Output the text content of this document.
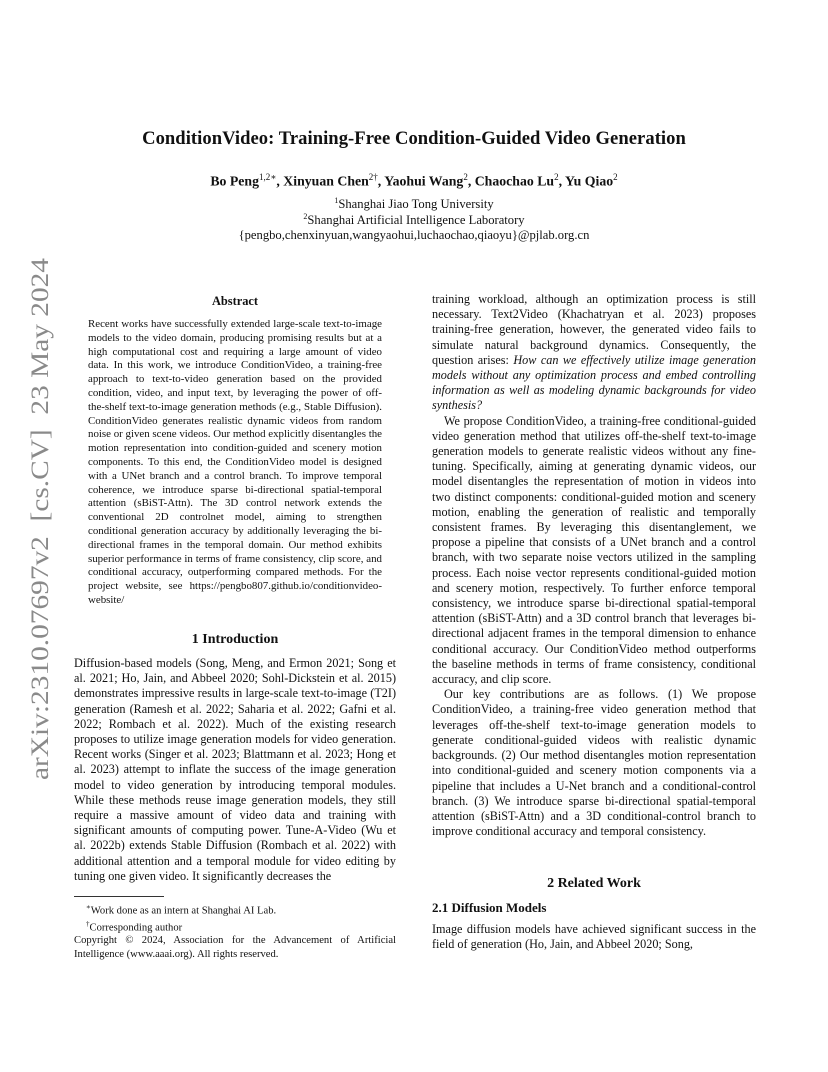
arXiv:2310.07697v2  [cs.CV]  23 May 2024
ConditionVideo: Training-Free Condition-Guided Video Generation
Bo Peng$^{1,2∗}$, Xinyuan Chen$^{2\dagger}$, Yaohui Wang$^2$, Chaochao Lu$^2$, Yu Qiao$^2$
$^1$Shanghai Jiao Tong University
$^2$Shanghai Artificial Intelligence Laboratory
{pengbo,chenxinyuan,wangyaohui,luchaochao,qiaoyu}@pjlab.org.cn
Abstract
Recent works have successfully extended large-scale text-to-image models to the video domain, producing promising results but at a high computational cost and requiring a large amount of video data. In this work, we introduce ConditionVideo, a training-free approach to text-to-video generation based on the provided condition, video, and input text, by leveraging the power of off-the-shelf text-to-image generation methods (e.g., Stable Diffusion). ConditionVideo generates realistic dynamic videos from random noise or given scene videos. Our method explicitly disentangles the motion representation into condition-guided and scenery motion components. To this end, the ConditionVideo model is designed with a UNet branch and a control branch. To improve temporal coherence, we introduce sparse bi-directional spatial-temporal attention (sBiST-Attn). The 3D control network extends the conventional 2D controlnet model, aiming to strengthen conditional generation accuracy by additionally leveraging the bi-directional frames in the temporal domain. Our method exhibits superior performance in terms of frame consistency, clip score, and conditional accuracy, outperforming compared methods. For the project website, see https://pengbo807.github.io/conditionvideo-website/
1 Introduction

Diffusion-based models (Song, Meng, and Ermon 2021; Song et al. 2021; Ho, Jain, and Abbeel 2020; Sohl-Dickstein et al. 2015) demonstrates impressive results in large-scale text-to-image (T2I) generation (Ramesh et al. 2022; Saharia et al. 2022; Gafni et al. 2022; Rombach et al. 2022). Much of the existing research proposes to utilize image generation models for video generation. Recent works (Singer et al. 2023; Blattmann et al. 2023; Hong et al. 2023) attempt to inflate the success of the image generation model to video generation by introducing temporal modules. While these methods reuse image generation models, they still require a massive amount of video data and training with significant amounts of computing power. Tune-A-Video (Wu et al. 2022b) extends Stable Diffusion (Rombach et al. 2022) with additional attention and a temporal module for video editing by tuning one given video. It significantly decreases the

∗Work done as an intern at Shanghai AI Lab.
†Corresponding author
Copyright © 2024, Association for the Advancement of Artificial Intelligence (www.aaai.org). All rights reserved.

training workload, although an optimization process is still necessary. Text2Video (Khachatryan et al. 2023) proposes training-free generation, however, the generated video fails to simulate natural background dynamics. Consequently, the question arises: How can we effectively utilize image generation models without any optimization process and embed controlling information as well as modeling dynamic backgrounds for video synthesis?

We propose ConditionVideo, a training-free conditional-guided video generation method that utilizes off-the-shelf text-to-image generation models to generate realistic videos without any fine-tuning. Specifically, aiming at generating dynamic videos, our model disentangles the representation of motion in videos into two distinct components: conditional-guided motion and scenery motion, enabling the generation of realistic and temporally consistent frames. By leveraging this disentanglement, we propose a pipeline that consists of a UNet branch and a control branch, with two separate noise vectors utilized in the sampling process. Each noise vector represents conditional-guided motion and scenery motion, respectively. To further enforce temporal consistency, we introduce sparse bi-directional spatial-temporal attention (sBiST-Attn) and a 3D control branch that leverages bi-directional adjacent frames in the temporal dimension to enhance conditional accuracy. Our ConditionVideo method outperforms the baseline methods in terms of frame consistency, conditional accuracy, and clip score.

Our key contributions are as follows. (1) We propose ConditionVideo, a training-free video generation method that leverages off-the-shelf text-to-image generation models to generate conditional-guided videos with realistic dynamic backgrounds. (2) Our method disentangles motion representation into conditional-guided and scenery motion components via a pipeline that includes a U-Net branch and a conditional-control branch. (3) We introduce sparse bi-directional spatial-temporal attention (sBiST-Attn) and a 3D conditional-control branch to improve conditional accuracy and temporal consistency.

2 Related Work
2.1 Diffusion Models

Image diffusion models have achieved significant success in the field of generation (Ho, Jain, and Abbeel 2020; Song,
